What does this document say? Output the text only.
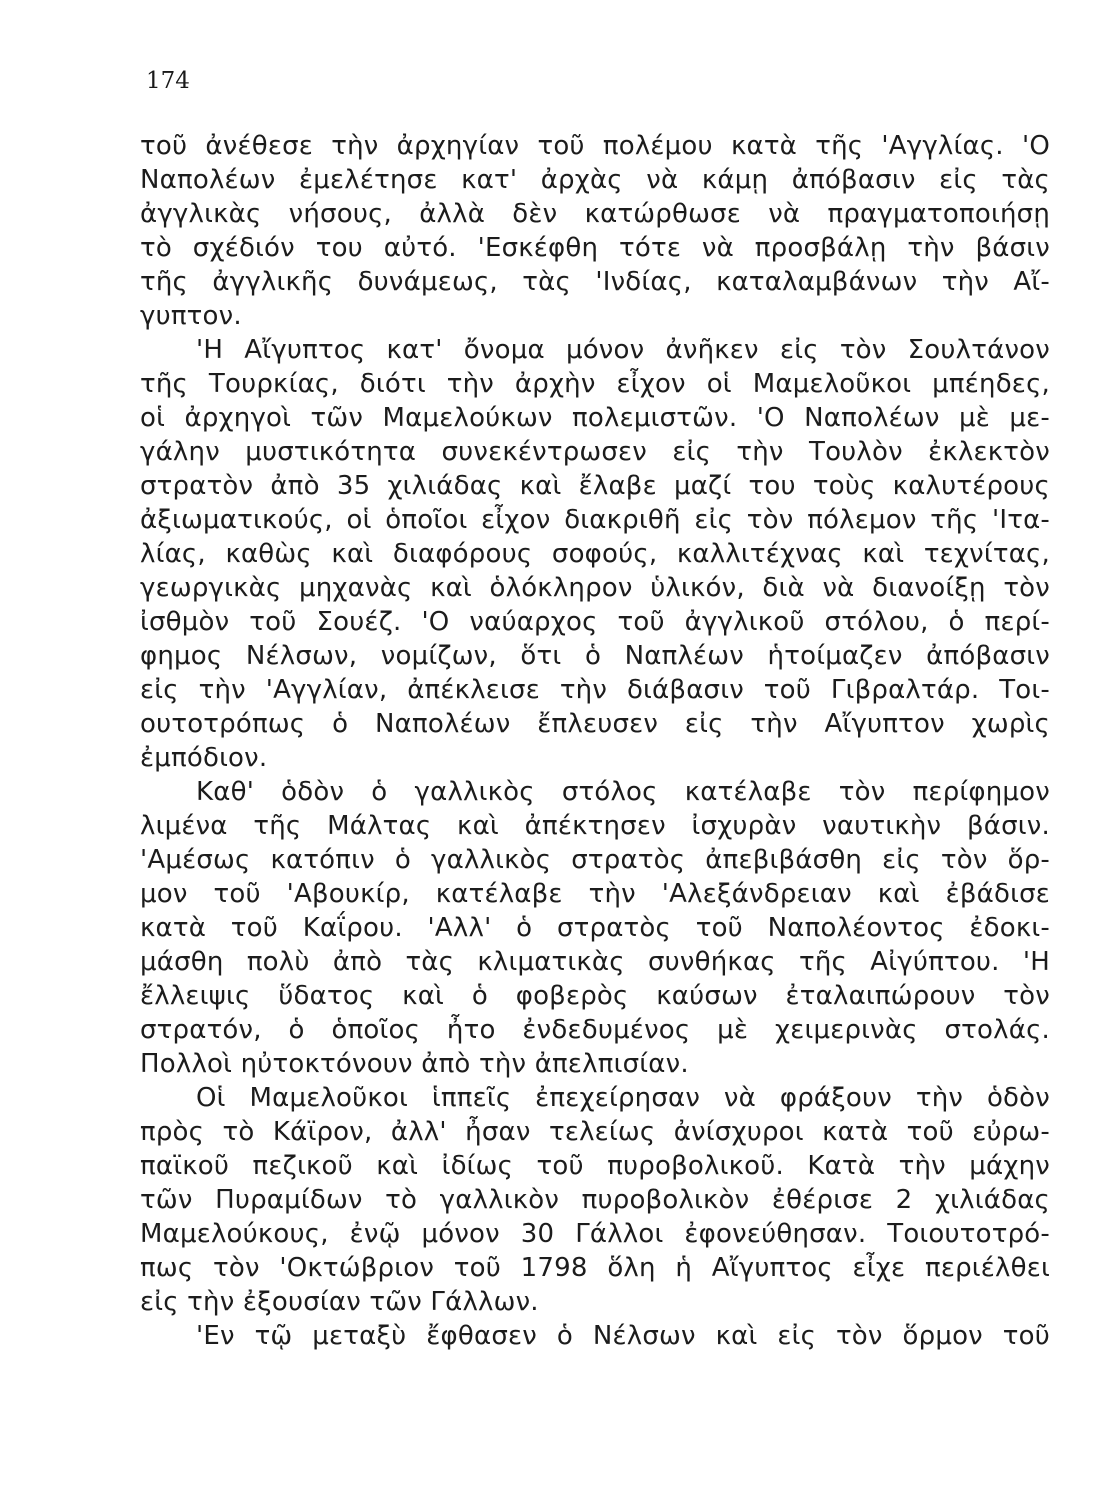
174
τοῦ ἀνέθεσε τὴν ἀρχηγίαν τοῦ πολέμου κατὰ τῆς 'Αγγλίας. 'Ο
Ναπολέων ἐμελέτησε κατ' ἀρχὰς νὰ κάμῃ ἀπόβασιν εἰς τὰς
ἀγγλικὰς νήσους, ἀλλὰ δὲν κατώρθωσε νὰ πραγματοποιήσῃ
τὸ σχέδιόν του αὐτό. 'Εσκέφθη τότε νὰ προσβάλῃ τὴν βάσιν
τῆς ἀγγλικῆς δυνάμεως, τὰς 'Ινδίας, καταλαμβάνων τὴν Αἴ-
γυπτον.
'Η Αἴγυπτος κατ' ὄνομα μόνον ἀνῆκεν εἰς τὸν Σουλτάνον
τῆς Τουρκίας, διότι τὴν ἀρχὴν εἶχον οἱ Μαμελοῦκοι μπέηδες,
οἱ ἀρχηγοὶ τῶν Μαμελούκων πολεμιστῶν. 'Ο Ναπολέων μὲ με-
γάλην μυστικότητα συνεκέντρωσεν εἰς τὴν Τουλὸν ἐκλεκτὸν
στρατὸν ἀπὸ 35 χιλιάδας καὶ ἔλαβε μαζί του τοὺς καλυτέρους
ἀξιωματικούς, οἱ ὁποῖοι εἶχον διακριθῆ εἰς τὸν πόλεμον τῆς 'Ιτα-
λίας, καθὼς καὶ διαφόρους σοφούς, καλλιτέχνας καὶ τεχνίτας,
γεωργικὰς μηχανὰς καὶ ὁλόκληρον ὑλικόν, διὰ νὰ διανοίξῃ τὸν
ἰσθμὸν τοῦ Σουέζ. 'Ο ναύαρχος τοῦ ἀγγλικοῦ στόλου, ὁ περί-
φημος Νέλσων, νομίζων, ὅτι ὁ Ναπλέων ἡτοίμαζεν ἀπόβασιν
εἰς τὴν 'Αγγλίαν, ἀπέκλεισε τὴν διάβασιν τοῦ Γιβραλτάρ. Τοι-
ουτοτρόπως ὁ Ναπολέων ἔπλευσεν εἰς τὴν Αἴγυπτον χωρὶς
ἐμπόδιον.
Καθ' ὁδὸν ὁ γαλλικὸς στόλος κατέλαβε τὸν περίφημον
λιμένα τῆς Μάλτας καὶ ἀπέκτησεν ἰσχυρὰν ναυτικὴν βάσιν.
'Αμέσως κατόπιν ὁ γαλλικὸς στρατὸς ἀπεβιβάσθη εἰς τὸν ὅρ-
μον τοῦ 'Αβουκίρ, κατέλαβε τὴν 'Αλεξάνδρειαν καὶ ἐβάδισε
κατὰ τοῦ Καΐρου. 'Αλλ' ὁ στρατὸς τοῦ Ναπολέοντος ἐδοκι-
μάσθη πολὺ ἀπὸ τὰς κλιματικὰς συνθήκας τῆς Αἰγύπτου. 'Η
ἔλλειψις ὕδατος καὶ ὁ φοβερὸς καύσων ἐταλαιπώρουν τὸν
στρατόν, ὁ ὁποῖος ἦτο ἐνδεδυμένος μὲ χειμερινὰς στολάς.
Πολλοὶ ηὐτοκτόνουν ἀπὸ τὴν ἀπελπισίαν.
Οἱ Μαμελοῦκοι ἱππεῖς ἐπεχείρησαν νὰ φράξουν τὴν ὁδὸν
πρὸς τὸ Κάϊρον, ἀλλ' ἦσαν τελείως ἀνίσχυροι κατὰ τοῦ εὐρω-
παϊκοῦ πεζικοῦ καὶ ἰδίως τοῦ πυροβολικοῦ. Κατὰ τὴν μάχην
τῶν Πυραμίδων τὸ γαλλικὸν πυροβολικὸν ἐθέρισε 2 χιλιάδας
Μαμελούκους, ἐνῷ μόνον 30 Γάλλοι ἐφονεύθησαν. Τοιουτοτρό-
πως τὸν 'Οκτώβριον τοῦ 1798 ὅλη ἡ Αἴγυπτος εἶχε περιέλθει
εἰς τὴν ἐξουσίαν τῶν Γάλλων.
'Εν τῷ μεταξὺ ἔφθασεν ὁ Νέλσων καὶ εἰς τὸν ὅρμον τοῦ
